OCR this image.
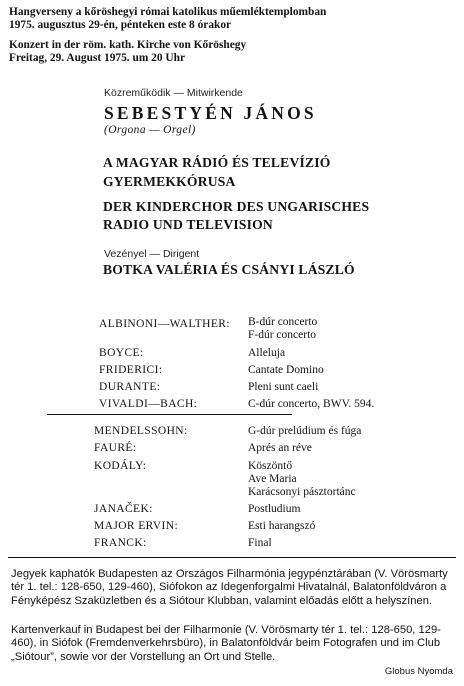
Hangverseny a kőröshegyi római katolikus műemléktemplomban
1975. augusztus 29-én, pénteken este 8 órakor
Konzert in der röm. kath. Kirche von Kőröshegy
Freitag, 29. August 1975. um 20 Uhr
Közreműködik — Mitwirkende
SEBESTYÉN JÁNOS
(Orgona — Orgel)
A MAGYAR RÁDIÓ ÉS TELEVÍZIÓ
GYERMEKKÓRUSA
DER KINDERCHOR DES UNGARISCHES
RADIO UND TELEVISION
Vezényel — Dirigent
BOTKA VALÉRIA ÉS CSÁNYI LÁSZLÓ
ALBINONI—WALTHER: B-dúr concerto
F-dúr concerto
BOYCE:	Alleluja
FRIDERICI:	Cantate Domino
DURANTE:	Pleni sunt caeli
VIVALDI—BACH:	C-dúr concerto, BWV. 594.
MENDELSSOHN:	G-dúr prelúdium és fúga
FAURÉ:	Aprés an réve
KODÁLY:	Köszöntő
Ave Maria
Karácsonyi pásztortánc
JANAČEK:	Postludium
MAJOR ERVIN:	Esti harangszó
FRANCK:	Final
Jegyek kaphatók Budapesten az Országos Filharmónia jegypénztárában (V. Vörösmarty tér 1. tel.: 128-650, 129-460), Siófokon az Idegenforgalmi Hivatalnál, Balatonföldváron a Fényképész Szaküzletben és a Siótour Klubban, valamint előadás előtt a helyszínen.
Kartenverkauf in Budapest bei der Filharmonie (V. Vörösmarty tér 1. tel.: 128-650, 129-460), in Siófok (Fremdenverkehrsbüro), in Balatonföldvár beim Fotografen und im Club „Siótour”, sowie vor der Vorstellung an Ort und Stelle.
Globus Nyomda
